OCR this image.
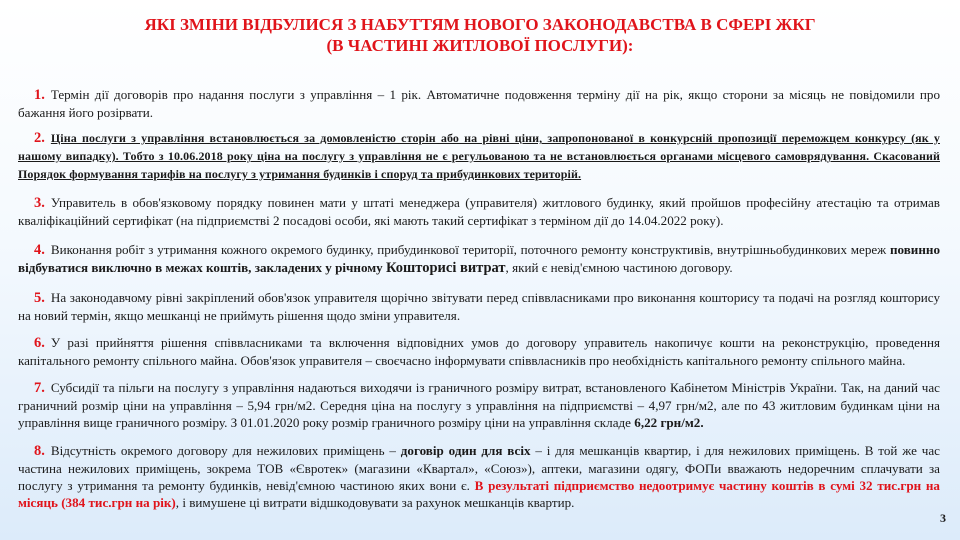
ЯКІ ЗМІНИ ВІДБУЛИСЯ З НАБУТТЯМ НОВОГО ЗАКОНОДАВСТВА В СФЕРІ ЖКГ
(В ЧАСТИНІ ЖИТЛОВОЇ ПОСЛУГИ):

1. Термін дії договорів про надання послуги з управління – 1 рік. Автоматичне подовження терміну дії на рік, якщо сторони за місяць не повідомили про бажання його розірвати.

2. Ціна послуги з управління встановлюється за домовленістю сторін або на рівні ціни, запропонованої в конкурсній пропозиції переможцем конкурсу (як у нашому випадку). Тобто з 10.06.2018 року ціна на послугу з управління не є регульованою та не встановлюється органами місцевого самоврядування. Скасований Порядок формування тарифів на послугу з утримання будинків і споруд та прибудинкових територій.

3. Управитель в обов'язковому порядку повинен мати у штаті менеджера (управителя) житлового будинку, який пройшов професійну атестацію та отримав кваліфікаційний сертифікат (на підприємстві 2 посадові особи, які мають такий сертифікат з терміном дії до 14.04.2022 року).

4. Виконання робіт з утримання кожного окремого будинку, прибудинкової території, поточного ремонту конструктивів, внутрішньобудинкових мереж повинно відбуватися виключно в межах коштів, закладених у річному Кошторисі витрат, який є невід'ємною частиною договору.

5. На законодавчому рівні закріплений обов'язок управителя щорічно звітувати перед співвласниками про виконання кошторису та подачі на розгляд кошторису на новий термін, якщо мешканці не приймуть рішення щодо зміни управителя.

6. У разі прийняття рішення співвласниками та включення відповідних умов до договору управитель накопичує кошти на реконструкцію, проведення капітального ремонту спільного майна. Обов'язок управителя – своєчасно інформувати співвласників про необхідність капітального ремонту спільного майна.

7. Субсидії та пільги на послугу з управління надаються виходячи із граничного розміру витрат, встановленого Кабінетом Міністрів України. Так, на даний час граничний розмір ціни на управління – 5,94 грн/м2. Середня ціна на послугу з управління на підприємстві – 4,97 грн/м2, але по 43 житловим будинкам ціни на управління вище граничного розміру. З 01.01.2020 року розмір граничного розміру ціни на управління складе 6,22 грн/м2.

8. Відсутність окремого договору для нежилових приміщень – договір один для всіх – і для мешканців квартир, і для нежилових приміщень. В той же час частина нежилових приміщень, зокрема ТОВ «Євротек» (магазини «Квартал», «Союз»), аптеки, магазини одягу, ФОПи вважають недоречним сплачувати за послугу з утримання та ремонту будинків, невід'ємною частиною яких вони є. В результаті підприємство недоотримує частину коштів в сумі 32 тис.грн на місяць (384 тис.грн на рік), і вимушене ці витрати відшкодовувати за рахунок мешканців квартир.

3
